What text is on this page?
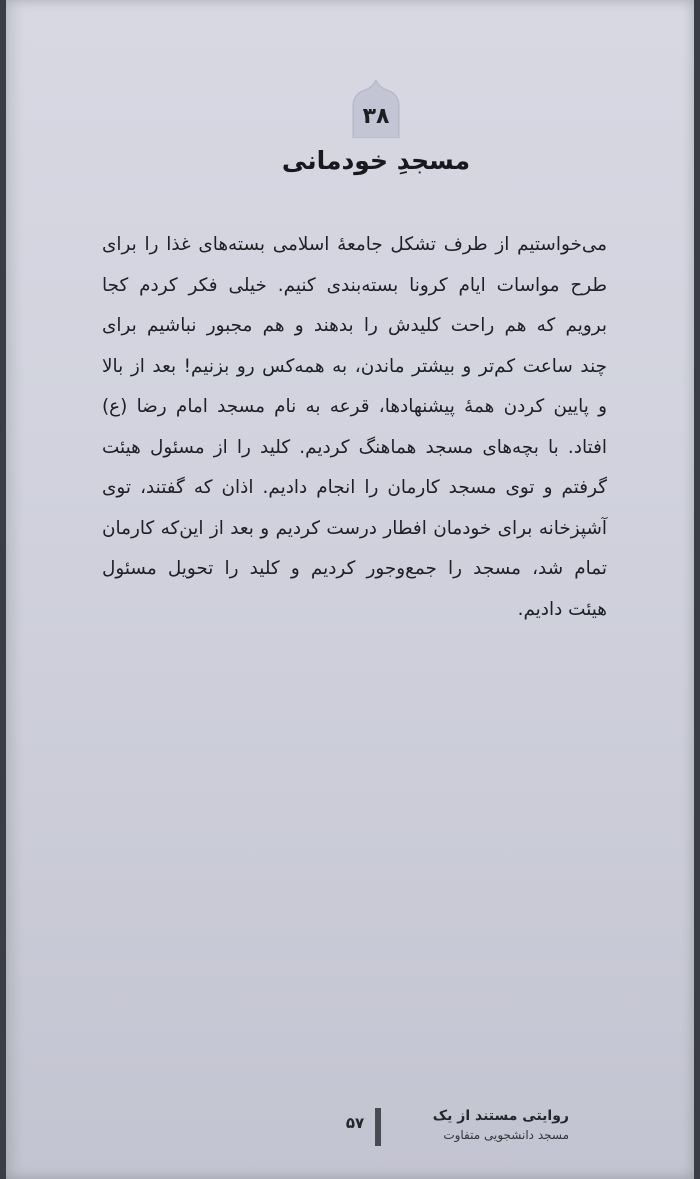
۳۸
مسجدِ خودمانی
می‌خواستیم از طرف تشکل جامعهٔ اسلامی بسته‌های غذا را برای
طرح مواسات ایام کرونا بسته‌بندی کنیم. خیلی فکر کردم کجا
برویم که هم راحت کلیدش را بدهند و هم مجبور نباشیم برای
چند ساعت کم‌تر و بیشتر ماندن، به همه‌کس رو بزنیم! بعد از بالا
و پایین کردن همهٔ پیشنهادها، قرعه به نام مسجد امام رضا (ع)
افتاد. با بچه‌های مسجد هماهنگ کردیم. کلید را از مسئول هیئت
گرفتم و توی مسجد کارمان را انجام دادیم. اذان که گفتند، توی
آشپزخانه برای خودمان افطار درست کردیم و بعد از این‌که کارمان
تمام شد، مسجد را جمع‌وجور کردیم و کلید را تحویل مسئول
هیئت دادیم.
روایتی مستند از یک
مسجد دانشجویی متفاوت
۵۷
